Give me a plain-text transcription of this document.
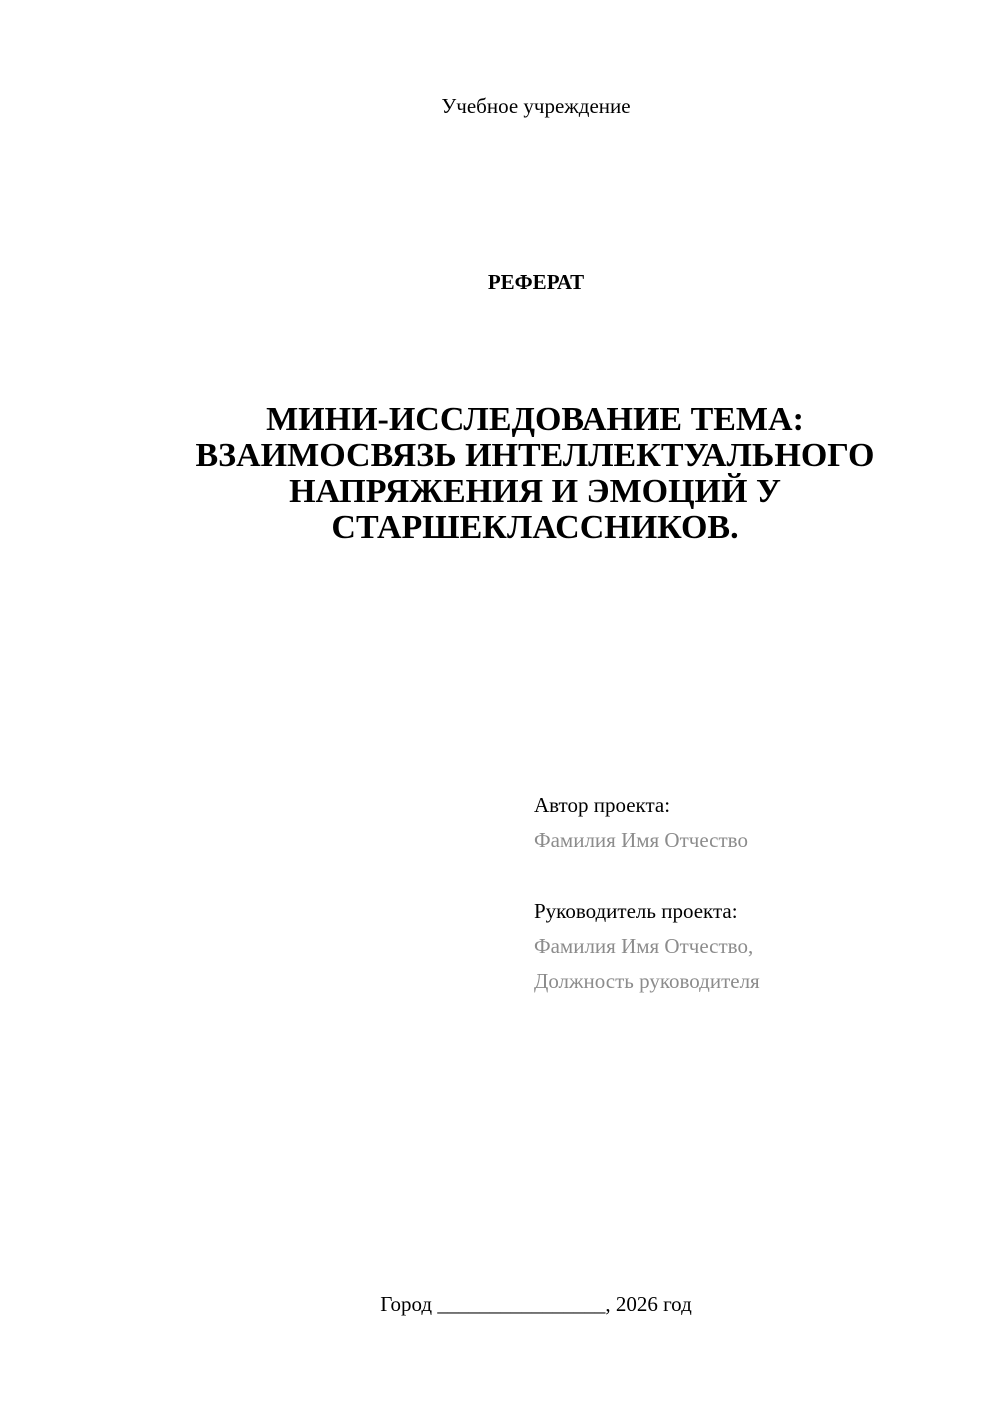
Учебное учреждение
РЕФЕРАТ
МИНИ-ИССЛЕДОВАНИЕ ТЕМА:
ВЗАИМОСВЯЗЬ ИНТЕЛЛЕКТУАЛЬНОГО
НАПРЯЖЕНИЯ И ЭМОЦИЙ У
СТАРШЕКЛАССНИКОВ.
Автор проекта:
Фамилия Имя Отчество
Руководитель проекта:
Фамилия Имя Отчество,
Должность руководителя
Город ________________, 2026 год
